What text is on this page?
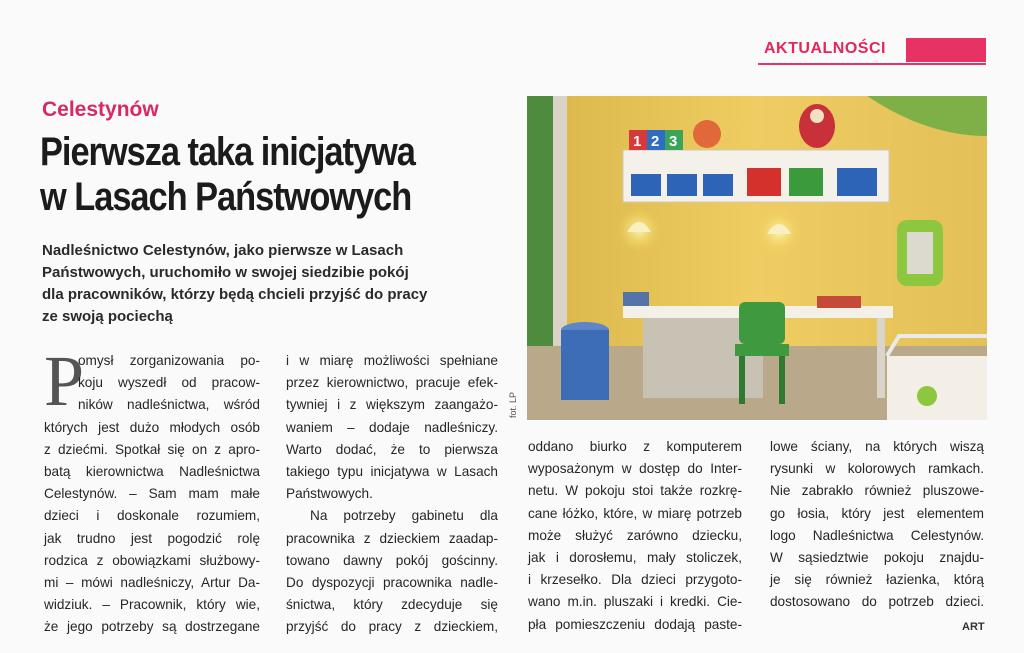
AKTUALNOŚCI
Celestynów
Pierwsza taka inicjatywa
w Lasach Państwowych
Nadleśnictwo Celestynów, jako pierwsze w Lasach
Państwowych, uruchomiło w swojej siedzibie pokój
dla pracowników, którzy będą chcieli przyjść do pracy
ze swoją pociechą
P
omysł zorganizowania po-
koju wyszedł od pracow-
ników nadleśnictwa, wśród
których jest dużo młodych osób
z dziećmi. Spotkał się on z apro-
batą kierownictwa Nadleśnictwa
Celestynów. – Sam mam małe
dzieci i doskonale rozumiem,
jak trudno jest pogodzić rolę
rodzica z obowiązkami służbowy-
mi – mówi nadleśniczy, Artur Da-
widziuk. – Pracownik, który wie,
że jego potrzeby są dostrzegane
i w miarę możliwości spełniane
przez kierownictwo, pracuje efek-
tywniej i z większym zaangażo-
waniem – dodaje nadleśniczy.
Warto dodać, że to pierwsza
takiego typu inicjatywa w Lasach
Państwowych.
Na potrzeby gabinetu dla
pracownika z dzieckiem zaadap-
towano dawny pokój gościnny.
Do dyspozycji pracownika nadle-
śnictwa, który zdecyduje się
przyjść do pracy z dzieckiem,
oddano biurko z komputerem
wyposażonym w dostęp do Inter-
netu. W pokoju stoi także rozkrę-
cane łóżko, które, w miarę potrzeb
może służyć zarówno dziecku,
jak i dorosłemu, mały stoliczek,
i krzesełko. Dla dzieci przygoto-
wano m.in. pluszaki i kredki. Cie-
pła pomieszczeniu dodają paste-
lowe ściany, na których wiszą
rysunki w kolorowych ramkach.
Nie zabrakło również pluszowe-
go łosia, który jest elementem
logo Nadleśnictwa Celestynów.
W sąsiedztwie pokoju znajdu-
je się również łazienka, którą
dostosowano do potrzeb dzieci.
1 2 3
fot. LP
ART
